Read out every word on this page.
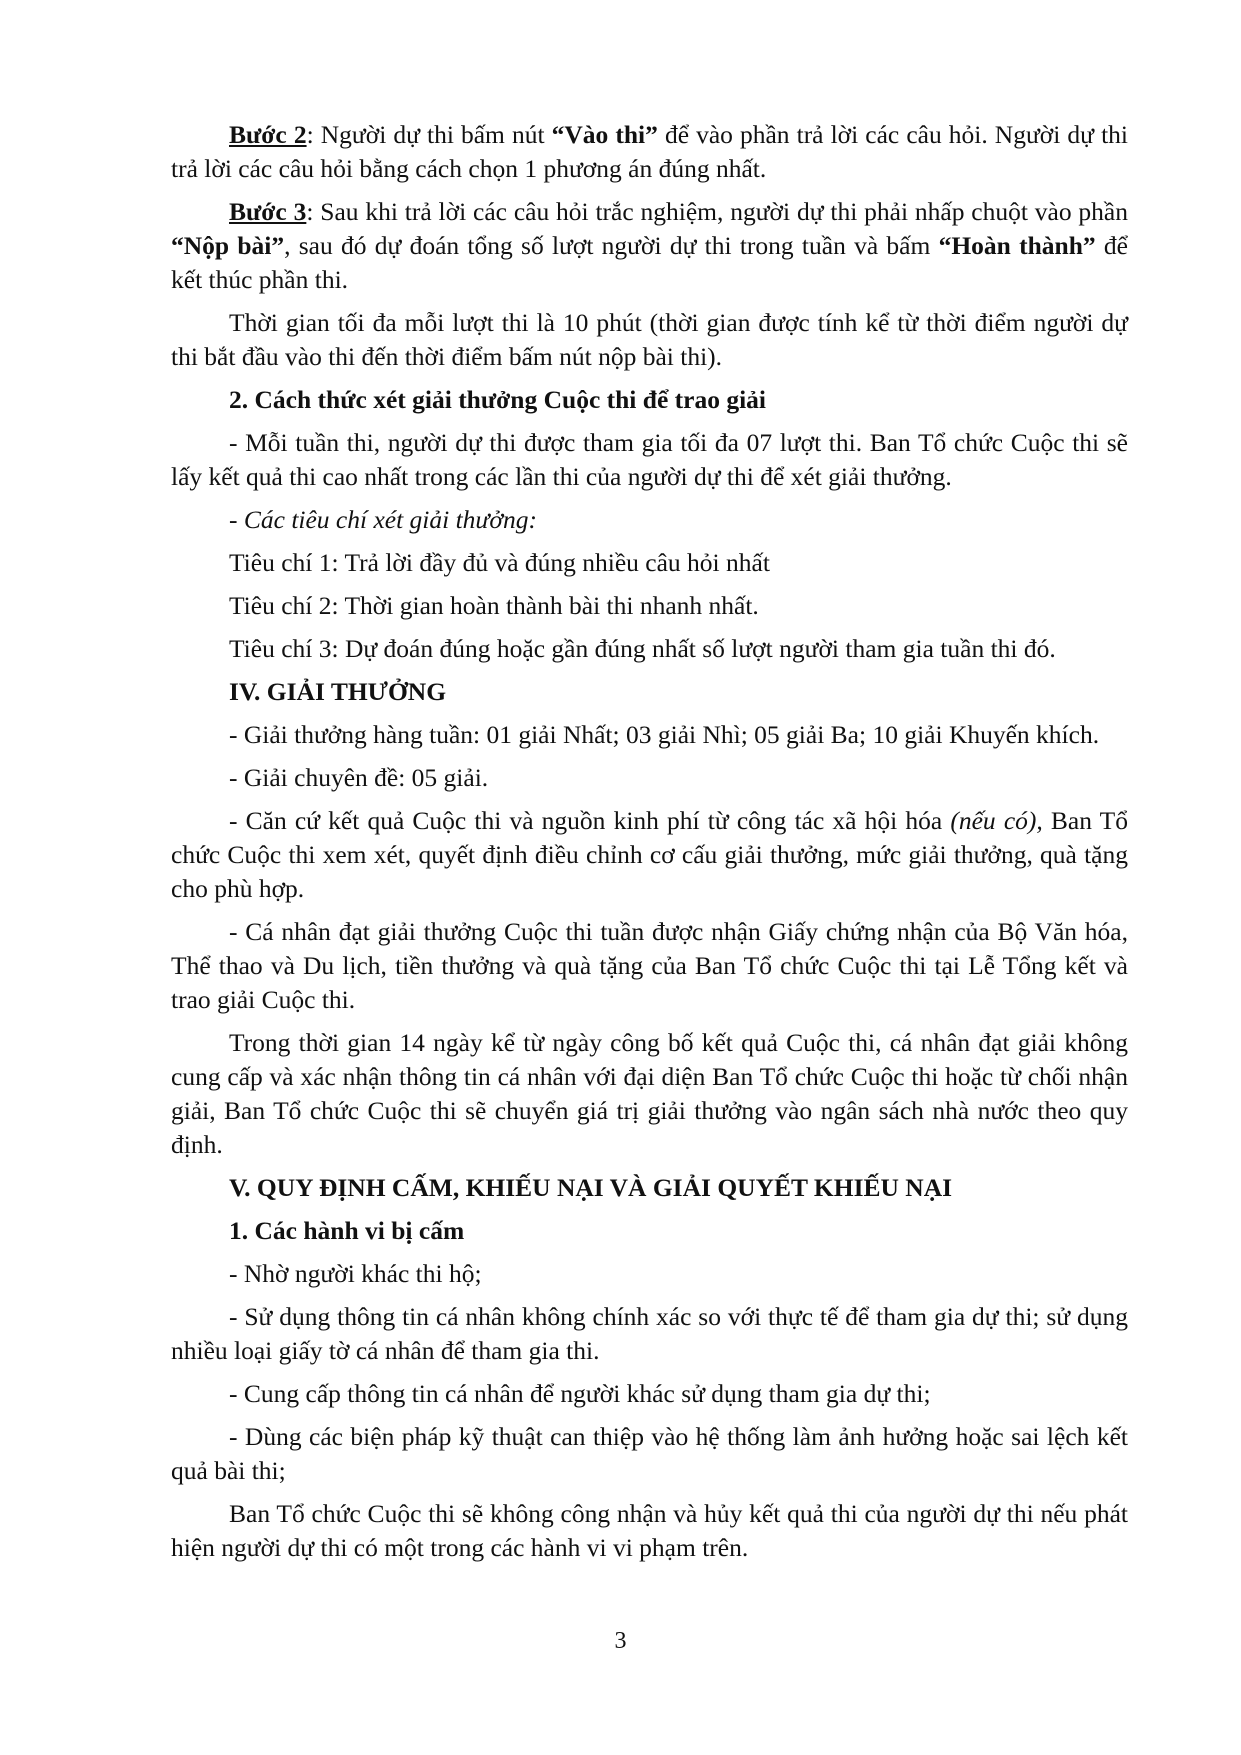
Bước 2: Người dự thi bấm nút “Vào thi” để vào phần trả lời các câu hỏi. Người dự thi trả lời các câu hỏi bằng cách chọn 1 phương án đúng nhất.

Bước 3: Sau khi trả lời các câu hỏi trắc nghiệm, người dự thi phải nhấp chuột vào phần “Nộp bài”, sau đó dự đoán tổng số lượt người dự thi trong tuần và bấm “Hoàn thành” để kết thúc phần thi.

Thời gian tối đa mỗi lượt thi là 10 phút (thời gian được tính kể từ thời điểm người dự thi bắt đầu vào thi đến thời điểm bấm nút nộp bài thi).

2. Cách thức xét giải thưởng Cuộc thi để trao giải

- Mỗi tuần thi, người dự thi được tham gia tối đa 07 lượt thi. Ban Tổ chức Cuộc thi sẽ lấy kết quả thi cao nhất trong các lần thi của người dự thi để xét giải thưởng.

- Các tiêu chí xét giải thưởng:

Tiêu chí 1: Trả lời đầy đủ và đúng nhiều câu hỏi nhất

Tiêu chí 2: Thời gian hoàn thành bài thi nhanh nhất.

Tiêu chí 3: Dự đoán đúng hoặc gần đúng nhất số lượt người tham gia tuần thi đó.

IV. GIẢI THƯỞNG

- Giải thưởng hàng tuần: 01 giải Nhất; 03 giải Nhì; 05 giải Ba; 10 giải Khuyến khích.

- Giải chuyên đề: 05 giải.

- Căn cứ kết quả Cuộc thi và nguồn kinh phí từ công tác xã hội hóa (nếu có), Ban Tổ chức Cuộc thi xem xét, quyết định điều chỉnh cơ cấu giải thưởng, mức giải thưởng, quà tặng cho phù hợp.

- Cá nhân đạt giải thưởng Cuộc thi tuần được nhận Giấy chứng nhận của Bộ Văn hóa, Thể thao và Du lịch, tiền thưởng và quà tặng của Ban Tổ chức Cuộc thi tại Lễ Tổng kết và trao giải Cuộc thi.

Trong thời gian 14 ngày kể từ ngày công bố kết quả Cuộc thi, cá nhân đạt giải không cung cấp và xác nhận thông tin cá nhân với đại diện Ban Tổ chức Cuộc thi hoặc từ chối nhận giải, Ban Tổ chức Cuộc thi sẽ chuyển giá trị giải thưởng vào ngân sách nhà nước theo quy định.

V. QUY ĐỊNH CẤM, KHIẾU NẠI VÀ GIẢI QUYẾT KHIẾU NẠI

1. Các hành vi bị cấm

- Nhờ người khác thi hộ;

- Sử dụng thông tin cá nhân không chính xác so với thực tế để tham gia dự thi; sử dụng nhiều loại giấy tờ cá nhân để tham gia thi.

- Cung cấp thông tin cá nhân để người khác sử dụng tham gia dự thi;

- Dùng các biện pháp kỹ thuật can thiệp vào hệ thống làm ảnh hưởng hoặc sai lệch kết quả bài thi;

Ban Tổ chức Cuộc thi sẽ không công nhận và hủy kết quả thi của người dự thi nếu phát hiện người dự thi có một trong các hành vi vi phạm trên.

3
